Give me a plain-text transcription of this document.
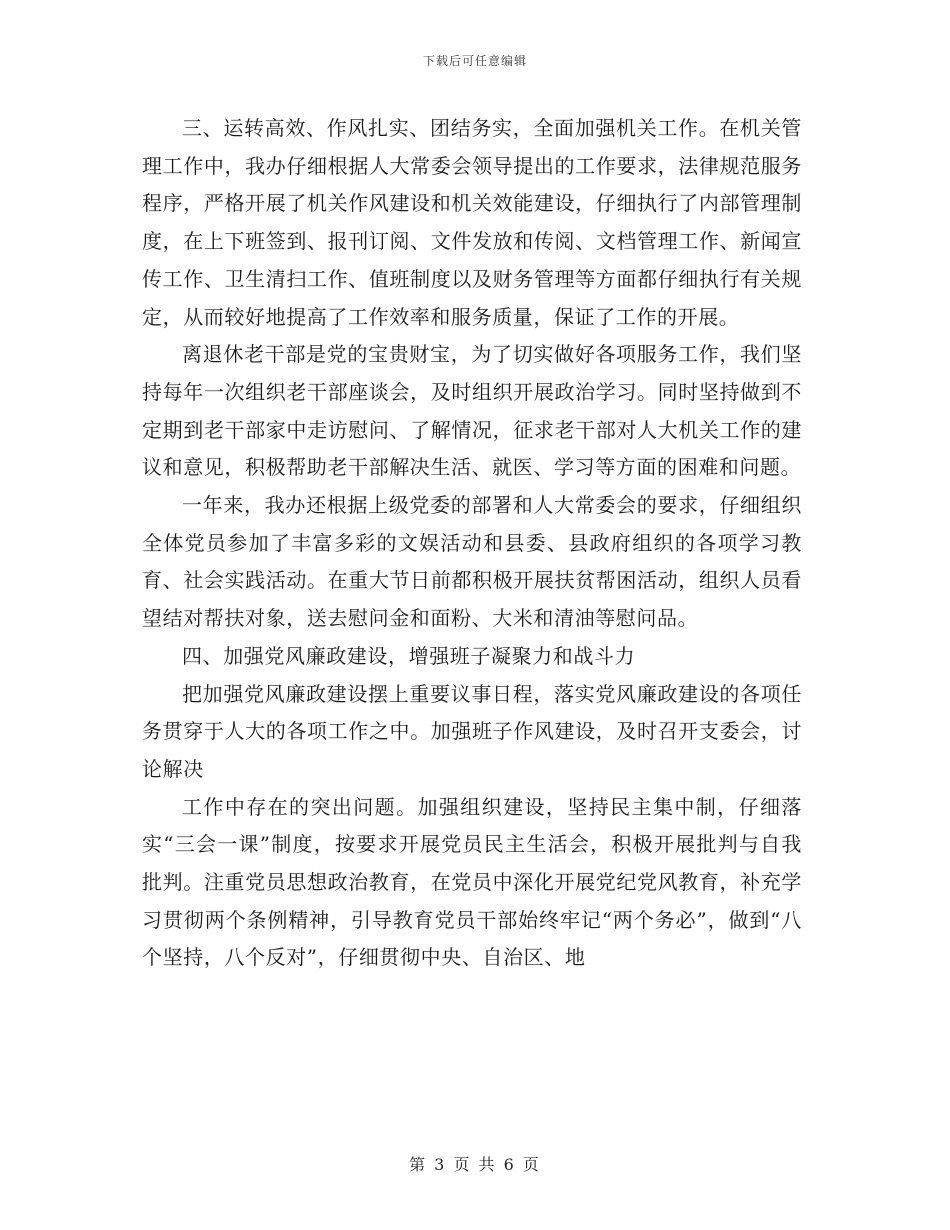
下载后可任意编辑

三、运转高效、作风扎实、团结务实，全面加强机关工作。在机关管理工作中，我办仔细根据人大常委会领导提出的工作要求，法律规范服务程序，严格开展了机关作风建设和机关效能建设，仔细执行了内部管理制度，在上下班签到、报刊订阅、文件发放和传阅、文档管理工作、新闻宣传工作、卫生清扫工作、值班制度以及财务管理等方面都仔细执行有关规定，从而较好地提高了工作效率和服务质量，保证了工作的开展。

离退休老干部是党的宝贵财宝，为了切实做好各项服务工作，我们坚持每年一次组织老干部座谈会，及时组织开展政治学习。同时坚持做到不定期到老干部家中走访慰问、了解情况，征求老干部对人大机关工作的建议和意见，积极帮助老干部解决生活、就医、学习等方面的困难和问题。

一年来，我办还根据上级党委的部署和人大常委会的要求，仔细组织全体党员参加了丰富多彩的文娱活动和县委、县政府组织的各项学习教育、社会实践活动。在重大节日前都积极开展扶贫帮困活动，组织人员看望结对帮扶对象，送去慰问金和面粉、大米和清油等慰问品。

四、加强党风廉政建设，增强班子凝聚力和战斗力

把加强党风廉政建设摆上重要议事日程，落实党风廉政建设的各项任务贯穿于人大的各项工作之中。加强班子作风建设，及时召开支委会，讨论解决

工作中存在的突出问题。加强组织建设，坚持民主集中制，仔细落实“三会一课”制度，按要求开展党员民主生活会，积极开展批判与自我批判。注重党员思想政治教育，在党员中深化开展党纪党风教育，补充学习贯彻两个条例精神，引导教育党员干部始终牢记“两个务必”，做到“八个坚持，八个反对”，仔细贯彻中央、自治区、地

第 3 页 共 6 页
